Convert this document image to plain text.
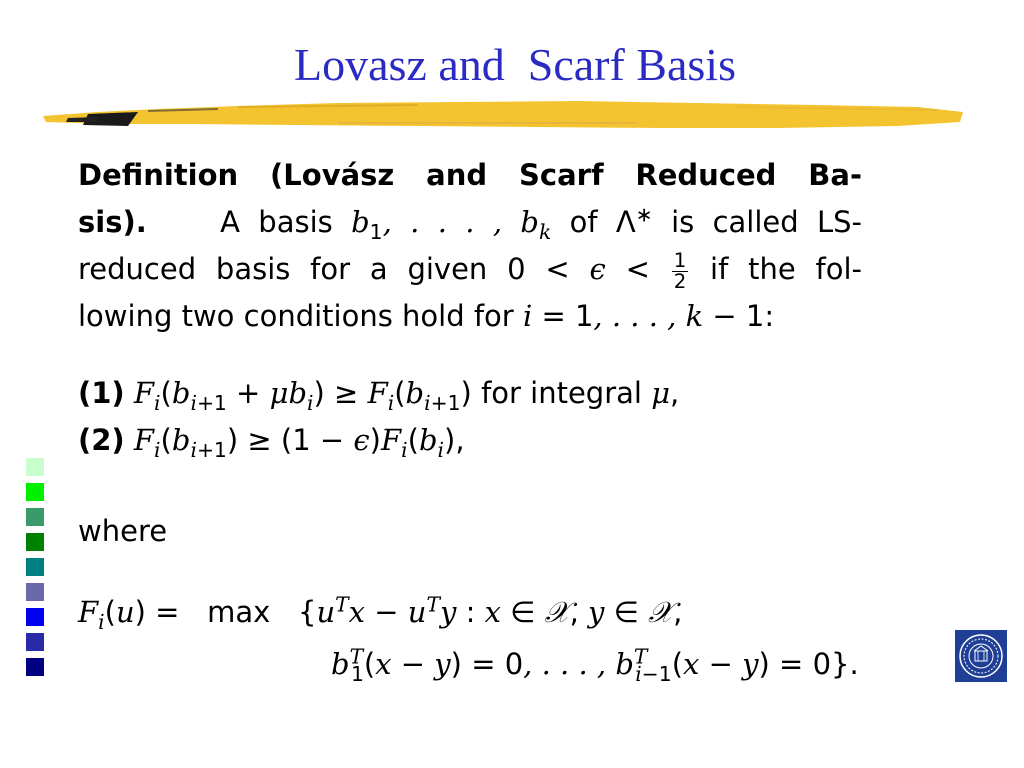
Lovasz and  Scarf Basis
Definition (Lovász and Scarf Reduced Ba-
sis).	A basis $b_1$, . . . , $b_k$ of Λ∗ is called LS-
reduced basis for a given $0 < \epsilon < \frac{1}{2}$ if the fol-
lowing two conditions hold for i = 1, . . . , k − 1:
(1) $F_i(b_{i+1} + \mu b_i) \ge F_i(b_{i+1})$ for integral μ,
(2) $F_i(b_{i+1}) \ge (1 - \epsilon)F_i(b_i)$,
where
$F_i(u) = \max \{u^Tx - u^Ty$ : x ∈ 𝒳, y ∈ 𝒳,
$b^T_1(x - y) = 0$, . . . , $b^T_{i-1}(x - y) = 0$}.
